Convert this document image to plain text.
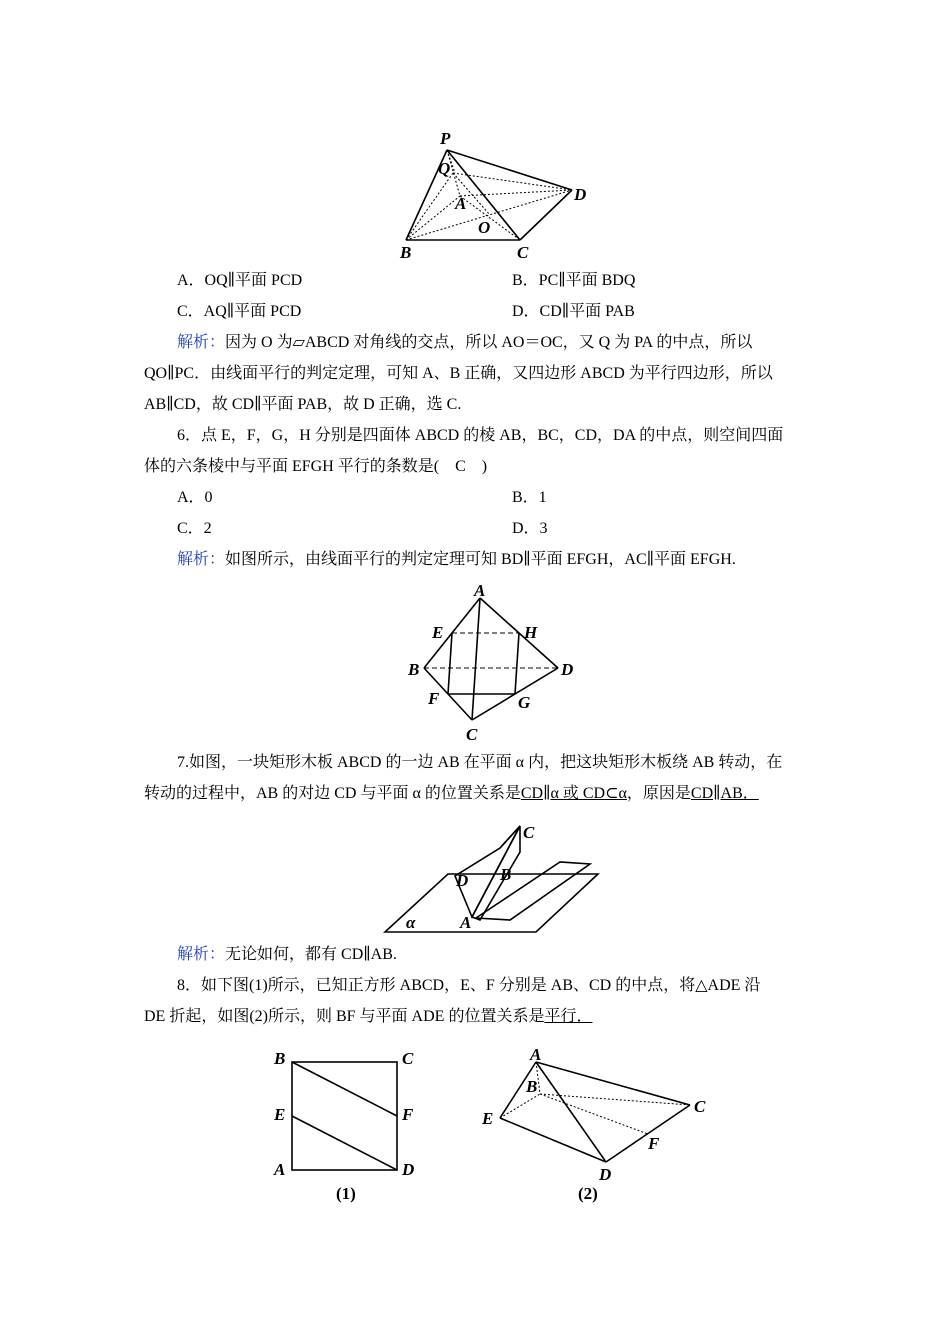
P
Q
A
O
B	C
D
A．OQ∥平面 PCD	B．PC∥平面 BDQ
C．AQ∥平面 PCD	D．CD∥平面 PAB
解析：因为 O 为▱ABCD 对角线的交点，所以 AO＝OC，又 Q 为 PA 的中点，所以
QO∥PC．由线面平行的判定定理，可知 A、B 正确，又四边形 ABCD 为平行四边形，所以
AB∥CD，故 CD∥平面 PAB，故 D 正确，选 C.
6．点 E，F，G，H 分别是四面体 ABCD 的棱 AB，BC，CD，DA 的中点，则空间四面
体的六条棱中与平面 EFGH 平行的条数是(　C　)
A．0	B．1
C．2	D．3
解析：如图所示，由线面平行的判定定理可知 BD∥平面 EFGH，AC∥平面 EFGH.
A
E	H
B	D
F	G
C
7.如图，一块矩形木板 ABCD 的一边 AB 在平面 α 内，把这块矩形木板绕 AB 转动，在
转动的过程中，AB 的对边 CD 与平面 α 的位置关系是CD∥α 或 CD⊂α，原因是CD∥AB．
C
B
D
A
α
解析：无论如何，都有 CD∥AB.
8．如下图(1)所示，已知正方形 ABCD，E、F 分别是 AB、CD 的中点，将△ADE 沿
DE 折起，如图(2)所示，则 BF 与平面 ADE 的位置关系是平行．
B	C
E	F
A	D
(1)
A
B
C
E
F
D
(2)
